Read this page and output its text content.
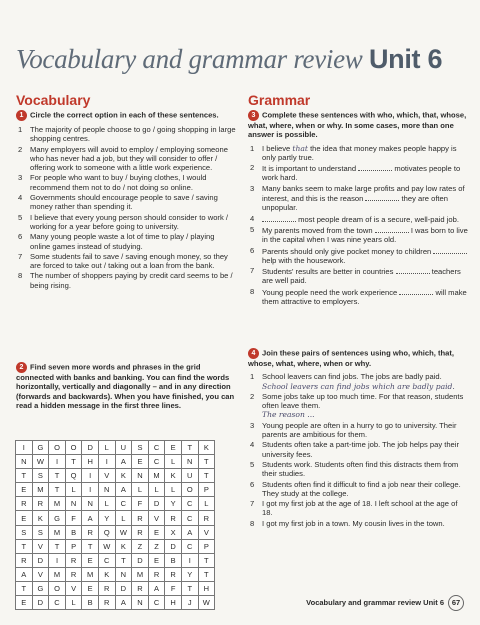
Vocabulary and grammar review Unit 6
Vocabulary	Grammar
1 Circle the correct option in each of these sentences.
1 The majority of people choose to go / going shopping in large shopping centres.
2 Many employers will avoid to employ / employing someone who has never had a job, but they will consider to offer / offering work to someone with a little work experience.
3 For people who want to buy / buying clothes, I would recommend them not to do / not doing so online.
4 Governments should encourage people to save / saving money rather than spending it.
5 I believe that every young person should consider to work / working for a year before going to university.
6 Many young people waste a lot of time to play / playing online games instead of studying.
7 Some students fail to save / saving enough money, so they are forced to take out / taking out a loan from the bank.
8 The number of shoppers paying by credit card seems to be / being rising.
2 Find seven more words and phrases in the grid connected with banks and banking. You can find the words horizontally, vertically and diagonally – and in any direction (forwards and backwards). When you have finished, you can read a hidden message in the first three lines.
I	G	O	O	D	L	U	S	C	E	T	K
N	W	I	T	H	I	A	E	C	L	N	T
T	S	T	Q	I	V	K	N	M	K	U	T
E	M	T	L	I	N	A	L	L	L	O	P
R	R	M	N	N	L	C	F	D	Y	C	L
E	K	G	F	A	Y	L	R	V	R	C	R
S	S	M	B	R	Q	W	R	E	X	A	V
T	V	T	P	T	W	K	Z	Z	D	C	P
R	D	I	R	E	C	T	D	E	B	I	T
A	V	M	R	M	K	N	M	R	R	Y	T
T	G	O	V	E	R	D	R	A	F	T	H
E	D	C	L	B	R	A	N	C	H	J	W
3 Complete these sentences with who, which, that, whose, what, where, when or why. In some cases, more than one answer is possible.
1 I believe that the idea that money makes people happy is only partly true.
2 It is important to understand	motivates people to work hard.
3 Many banks seem to make large profits and pay low rates of interest, and this is the reason	they are often unpopular.
4	most people dream of is a secure, well-paid job.
5 My parents moved from the town	I was born to live in the capital when I was nine years old.
6 Parents should only give pocket money to children  help with the housework.
7 Students' results are better in countries	teachers are well paid.
8 Young people need the work experience	will make them attractive to employers.
4 Join these pairs of sentences using who, which, that, whose, what, where, when or why.
1 School leavers can find jobs. The jobs are badly paid.
School leavers can find jobs which are badly paid.
2 Some jobs take up too much time. For that reason, students often leave them.
The reason ...
3 Young people are often in a hurry to go to university. Their parents are ambitious for them.
4 Students often take a part-time job. The job helps pay their university fees.
5 Students work. Students often find this distracts them from their studies.
6 Students often find it difficult to find a job near their college. They study at the college.
7 I got my first job at the age of 18. I left school at the age of 18.
8 I got my first job in a town. My cousin lives in the town.
Vocabulary and grammar review Unit 6 67
